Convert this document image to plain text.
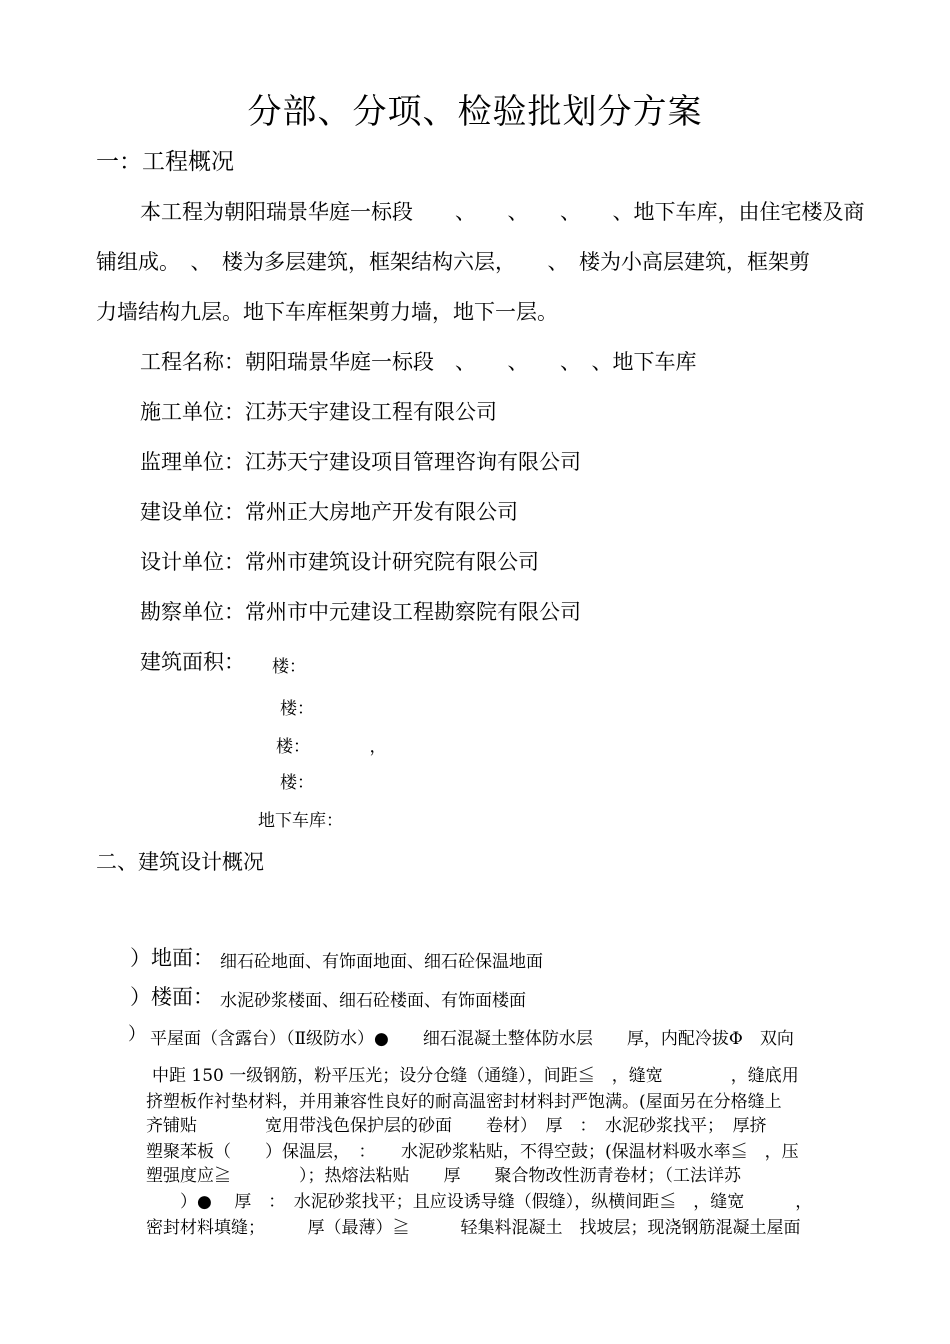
分部、分项、检验批划分方案
一：工程概况
本工程为朝阳瑞景华庭一标段　　、　　、　　、　　、地下车库，由住宅楼及商
铺组成。　、　楼为多层建筑，框架结构六层，　　、　楼为小高层建筑，框架剪
力墙结构九层。地下车库框架剪力墙，地下一层。
工程名称：朝阳瑞景华庭一标段　、　　、　　、　、地下车库
施工单位：江苏天宇建设工程有限公司
监理单位：江苏天宁建设项目管理咨询有限公司
建设单位：常州正大房地产开发有限公司
设计单位：常州市建筑设计研究院有限公司
勘察单位：常州市中元建设工程勘察院有限公司
建筑面积： 楼：
楼：
楼：　　　　，
楼：
地下车库：
二、建筑设计概况
）地面： 细石砼地面、有饰面地面、细石砼保温地面
）楼面： 水泥砂浆楼面、细石砼楼面、有饰面楼面
） 平屋面（含露台）（Ⅱ级防水）●　　细石混凝土整体防水层　　厚，内配冷拔Φ　双向
中距 150 一级钢筋，粉平压光；设分仓缝（通缝），间距≦　，缝宽　　　　，缝底用
挤塑板作衬垫材料，并用兼容性良好的耐高温密封材料封严饱满。(屋面另在分格缝上
齐铺贴　　　　宽用带浅色保护层的砂面　　卷材）　厚　：　水泥砂浆找平；　厚挤
塑聚苯板（　　）保温层，　：　　水泥砂浆粘贴，不得空鼓；(保温材料吸水率≦　，压
塑强度应≧　　　　）；热熔法粘贴　　厚　　聚合物改性沥青卷材；（工法详苏
　　）●　 厚　：　水泥砂浆找平；且应设诱导缝（假缝），纵横间距≦　，缝宽　　　，
密封材料填缝；　　　厚（最薄）≧　　　轻集料混凝土　找坡层；现浇钢筋混凝土屋面
